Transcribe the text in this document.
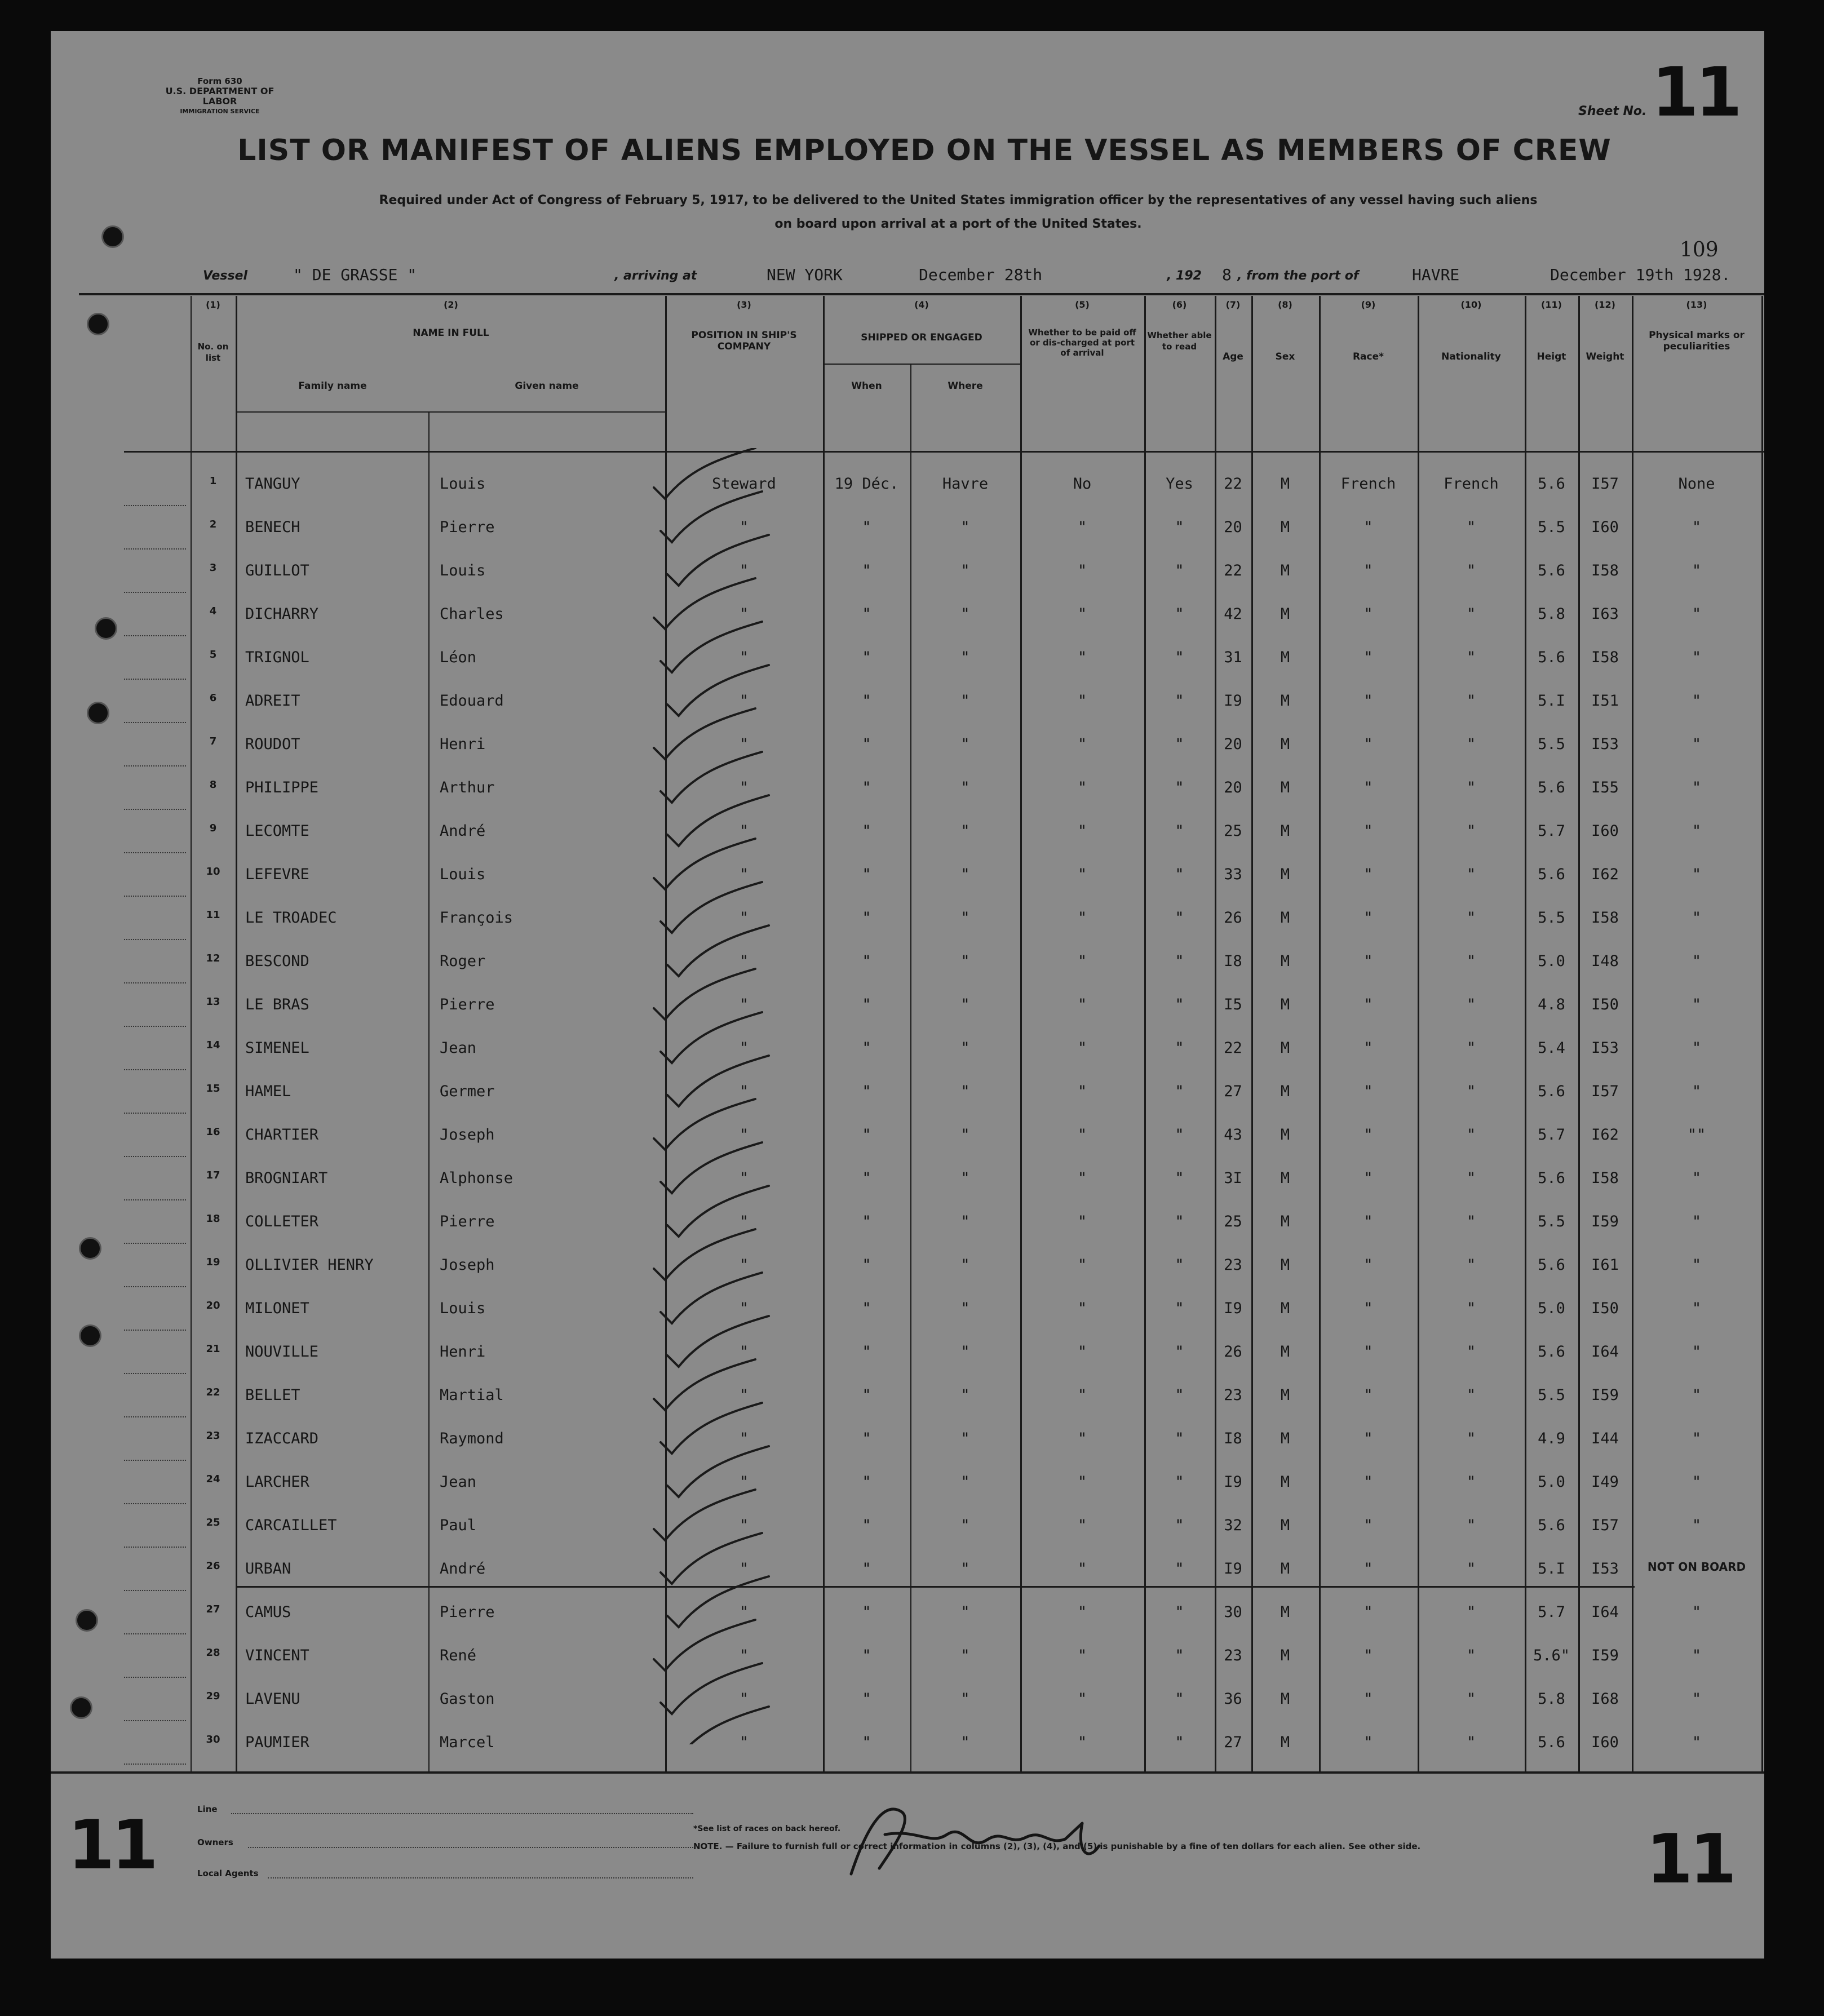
Form 630
U.S. DEPARTMENT OF LABOR
IMMIGRATION SERVICE	Sheet No. 11
109
LIST OR MANIFEST OF ALIENS EMPLOYED ON THE VESSEL AS MEMBERS OF CREW
Required under Act of Congress of February 5, 1917, to be delivered to the United States immigration officer by the representatives of any vessel having such aliens
on board upon arrival at a port of the United States.
Vessel	" DE GRASSE "	, arriving at	NEW YORK	December 28th	, 192 8 , from the port of	HAVRE	December 19th 1928.
(1)
No. on list
(2)
NAME IN FULL
Family name	Given name
(3)
POSITION IN SHIP'S COMPANY
(4)
SHIPPED OR ENGAGED
When	Where
(5)
Whether to be paid off or dis-charged at port of arrival
(6)
Whether able to read
(7)
Age
(8)
Sex
(9)
Race*
(10)
Nationality
(11)
Heigt
(12)
Weight
(13)
Physical marks or peculiarities
1	TANGUY	Louis	Steward	19 Déc.	Havre	No	Yes	22	M	French	French	5.6	I57	None
2	BENECH	Pierre	"	"	"	"	"	20	M	"	"	5.5	I60	"
3	GUILLOT	Louis	"	"	"	"	"	22	M	"	"	5.6	I58	"
4	DICHARRY	Charles	"	"	"	"	"	42	M	"	"	5.8	I63	"
5	TRIGNOL	Léon	"	"	"	"	"	31	M	"	"	5.6	I58	"
6	ADREIT	Edouard	"	"	"	"	"	I9	M	"	"	5.I	I51	"
7	ROUDOT	Henri	"	"	"	"	"	20	M	"	"	5.5	I53	"
8	PHILIPPE	Arthur	"	"	"	"	"	20	M	"	"	5.6	I55	"
9	LECOMTE	André	"	"	"	"	"	25	M	"	"	5.7	I60	"
10	LEFEVRE	Louis	"	"	"	"	"	33	M	"	"	5.6	I62	"
11	LE TROADEC	François	"	"	"	"	"	26	M	"	"	5.5	I58	"
12	BESCOND	Roger	"	"	"	"	"	I8	M	"	"	5.0	I48	"
13	LE BRAS	Pierre	"	"	"	"	"	I5	M	"	"	4.8	I50	"
14	SIMENEL	Jean	"	"	"	"	"	22	M	"	"	5.4	I53	"
15	HAMEL	Germer	"	"	"	"	"	27	M	"	"	5.6	I57	"
16	CHARTIER	Joseph	"	"	"	"	"	43	M	"	"	5.7	I62	""
17	BROGNIART	Alphonse	"	"	"	"	"	3I	M	"	"	5.6	I58	"
18	COLLETER	Pierre	"	"	"	"	"	25	M	"	"	5.5	I59	"
19	OLLIVIER HENRY	Joseph	"	"	"	"	"	23	M	"	"	5.6	I61	"
20	MILONET	Louis	"	"	"	"	"	I9	M	"	"	5.0	I50	"
21	NOUVILLE	Henri	"	"	"	"	"	26	M	"	"	5.6	I64	"
22	BELLET	Martial	"	"	"	"	"	23	M	"	"	5.5	I59	"
23	IZACCARD	Raymond	"	"	"	"	"	I8	M	"	"	4.9	I44	"
24	LARCHER	Jean	"	"	"	"	"	I9	M	"	"	5.0	I49	"
25	CARCAILLET	Paul	"	"	"	"	"	32	M	"	"	5.6	I57	"
26	URBAN	André	"	"	"	"	"	I9	M	"	"	5.I	I53	NOT ON BOARD
27	CAMUS	Pierre	"	"	"	"	"	30	M	"	"	5.7	I64	"
28	VINCENT	René	"	"	"	"	"	23	M	"	"	5.6"	I59	"
29	LAVENU	Gaston	"	"	"	"	"	36	M	"	"	5.8	I68	"
30	PAUMIER	Marcel	"	"	"	"	"	27	M	"	"	5.6	I60	"
11	11
Line
Owners
Local Agents
*See list of races on back hereof.
NOTE. — Failure to furnish full or correct information in columns (2), (3), (4), and (5) is punishable by a fine of ten dollars for each alien. See other side.
